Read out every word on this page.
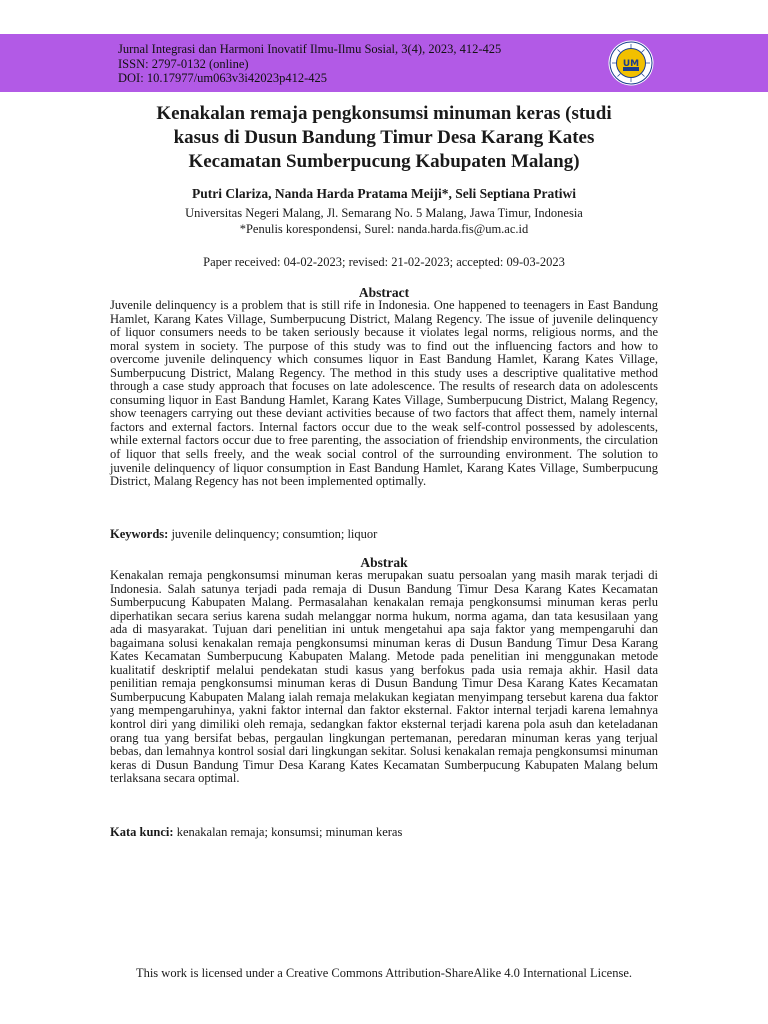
Jurnal Integrasi dan Harmoni Inovatif Ilmu-Ilmu Sosial, 3(4), 2023, 412-425
ISSN: 2797-0132 (online)
DOI: 10.17977/um063v3i42023p412-425
UM
Kenakalan remaja pengkonsumsi minuman keras (studi
kasus di Dusun Bandung Timur Desa Karang Kates
Kecamatan Sumberpucung Kabupaten Malang)
Putri Clariza, Nanda Harda Pratama Meiji*, Seli Septiana Pratiwi
Universitas Negeri Malang, Jl. Semarang No. 5 Malang, Jawa Timur, Indonesia
*Penulis korespondensi, Surel: nanda.harda.fis@um.ac.id
Paper received: 04-02-2023; revised: 21-02-2023; accepted: 09-03-2023
Abstract
Juvenile delinquency is a problem that is still rife in Indonesia. One happened to teenagers in East Bandung Hamlet, Karang Kates Village, Sumberpucung District, Malang Regency. The issue of juvenile delinquency of liquor consumers needs to be taken seriously because it violates legal norms, religious norms, and the moral system in society. The purpose of this study was to find out the influencing factors and how to overcome juvenile delinquency which consumes liquor in East Bandung Hamlet, Karang Kates Village, Sumberpucung District, Malang Regency. The method in this study uses a descriptive qualitative method through a case study approach that focuses on late adolescence. The results of research data on adolescents consuming liquor in East Bandung Hamlet, Karang Kates Village, Sumberpucung District, Malang Regency, show teenagers carrying out these deviant activities because of two factors that affect them, namely internal factors and external factors. Internal factors occur due to the weak self-control possessed by adolescents, while external factors occur due to free parenting, the association of friendship environments, the circulation of liquor that sells freely, and the weak social control of the surrounding environment. The solution to juvenile delinquency of liquor consumption in East Bandung Hamlet, Karang Kates Village, Sumberpucung District, Malang Regency has not been implemented optimally.
Keywords: juvenile delinquency; consumtion; liquor
Abstrak
Kenakalan remaja pengkonsumsi minuman keras merupakan suatu persoalan yang masih marak terjadi di Indonesia. Salah satunya terjadi pada remaja di Dusun Bandung Timur Desa Karang Kates Kecamatan Sumberpucung Kabupaten Malang. Permasalahan kenakalan remaja pengkonsumsi minuman keras perlu diperhatikan secara serius karena sudah melanggar norma hukum, norma agama, dan tata kesusilaan yang ada di masyarakat. Tujuan dari penelitian ini untuk mengetahui apa saja faktor yang mempengaruhi dan bagaimana solusi kenakalan remaja pengkonsumsi minuman keras di Dusun Bandung Timur Desa Karang Kates Kecamatan Sumberpucung Kabupaten Malang. Metode pada penelitian ini menggunakan metode kualitatif deskriptif melalui pendekatan studi kasus yang berfokus pada usia remaja akhir. Hasil data penilitian remaja pengkonsumsi minuman keras di Dusun Bandung Timur Desa Karang Kates Kecamatan Sumberpucung Kabupaten Malang ialah remaja melakukan kegiatan menyimpang tersebut karena dua faktor yang mempengaruhinya, yakni faktor internal dan faktor eksternal. Faktor internal terjadi karena lemahnya kontrol diri yang dimiliki oleh remaja, sedangkan faktor eksternal terjadi karena pola asuh dan keteladanan orang tua yang bersifat bebas, pergaulan lingkungan pertemanan, peredaran minuman keras yang terjual bebas, dan lemahnya kontrol sosial dari lingkungan sekitar. Solusi kenakalan remaja pengkonsumsi minuman keras di Dusun Bandung Timur Desa Karang Kates Kecamatan Sumberpucung Kabupaten Malang belum terlaksana secara optimal.
Kata kunci: kenakalan remaja; konsumsi; minuman keras
This work is licensed under a Creative Commons Attribution-ShareAlike 4.0 International License.
